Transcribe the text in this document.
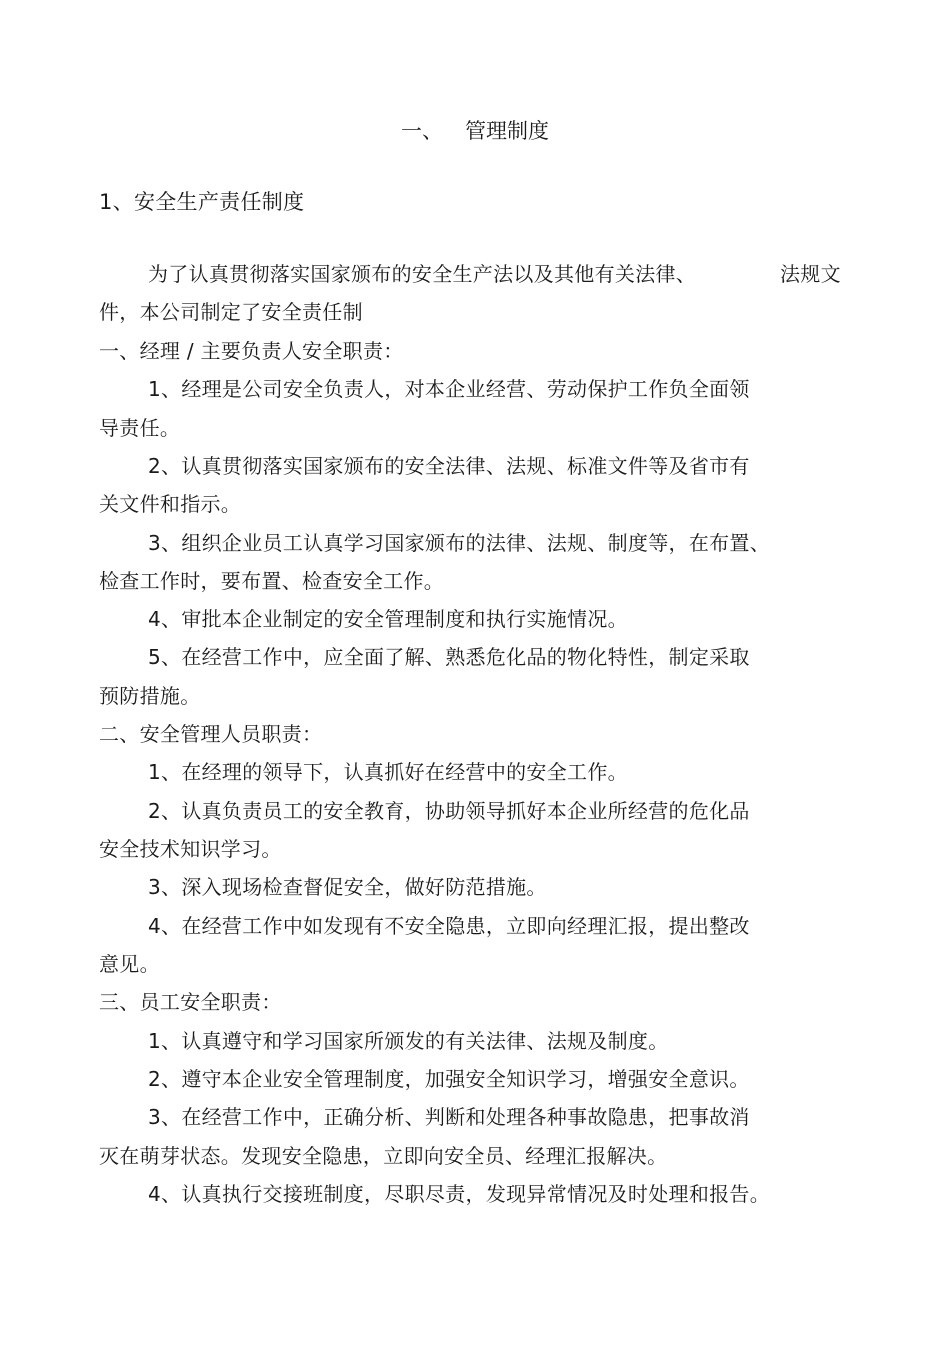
一、 管理制度
1、安全生产责任制度
为了认真贯彻落实国家颁布的安全生产法以及其他有关法律、	法规文
件，本公司制定了安全责任制
一、经理 / 主要负责人安全职责：
1、经理是公司安全负责人，对本企业经营、劳动保护工作负全面领
导责任。
2、认真贯彻落实国家颁布的安全法律、法规、标准文件等及省市有
关文件和指示。
3、组织企业员工认真学习国家颁布的法律、法规、制度等，在布置、
检查工作时，要布置、检查安全工作。
4、审批本企业制定的安全管理制度和执行实施情况。
5、在经营工作中，应全面了解、熟悉危化品的物化特性，制定采取
预防措施。
二、安全管理人员职责：
1、在经理的领导下，认真抓好在经营中的安全工作。
2、认真负责员工的安全教育，协助领导抓好本企业所经营的危化品
安全技术知识学习。
3、深入现场检查督促安全，做好防范措施。
4、在经营工作中如发现有不安全隐患，立即向经理汇报，提出整改
意见。
三、员工安全职责：
1、认真遵守和学习国家所颁发的有关法律、法规及制度。
2、遵守本企业安全管理制度，加强安全知识学习，增强安全意识。
3、在经营工作中，正确分析、判断和处理各种事故隐患，把事故消
灭在萌芽状态。发现安全隐患，立即向安全员、经理汇报解决。
4、认真执行交接班制度，尽职尽责，发现异常情况及时处理和报告。
